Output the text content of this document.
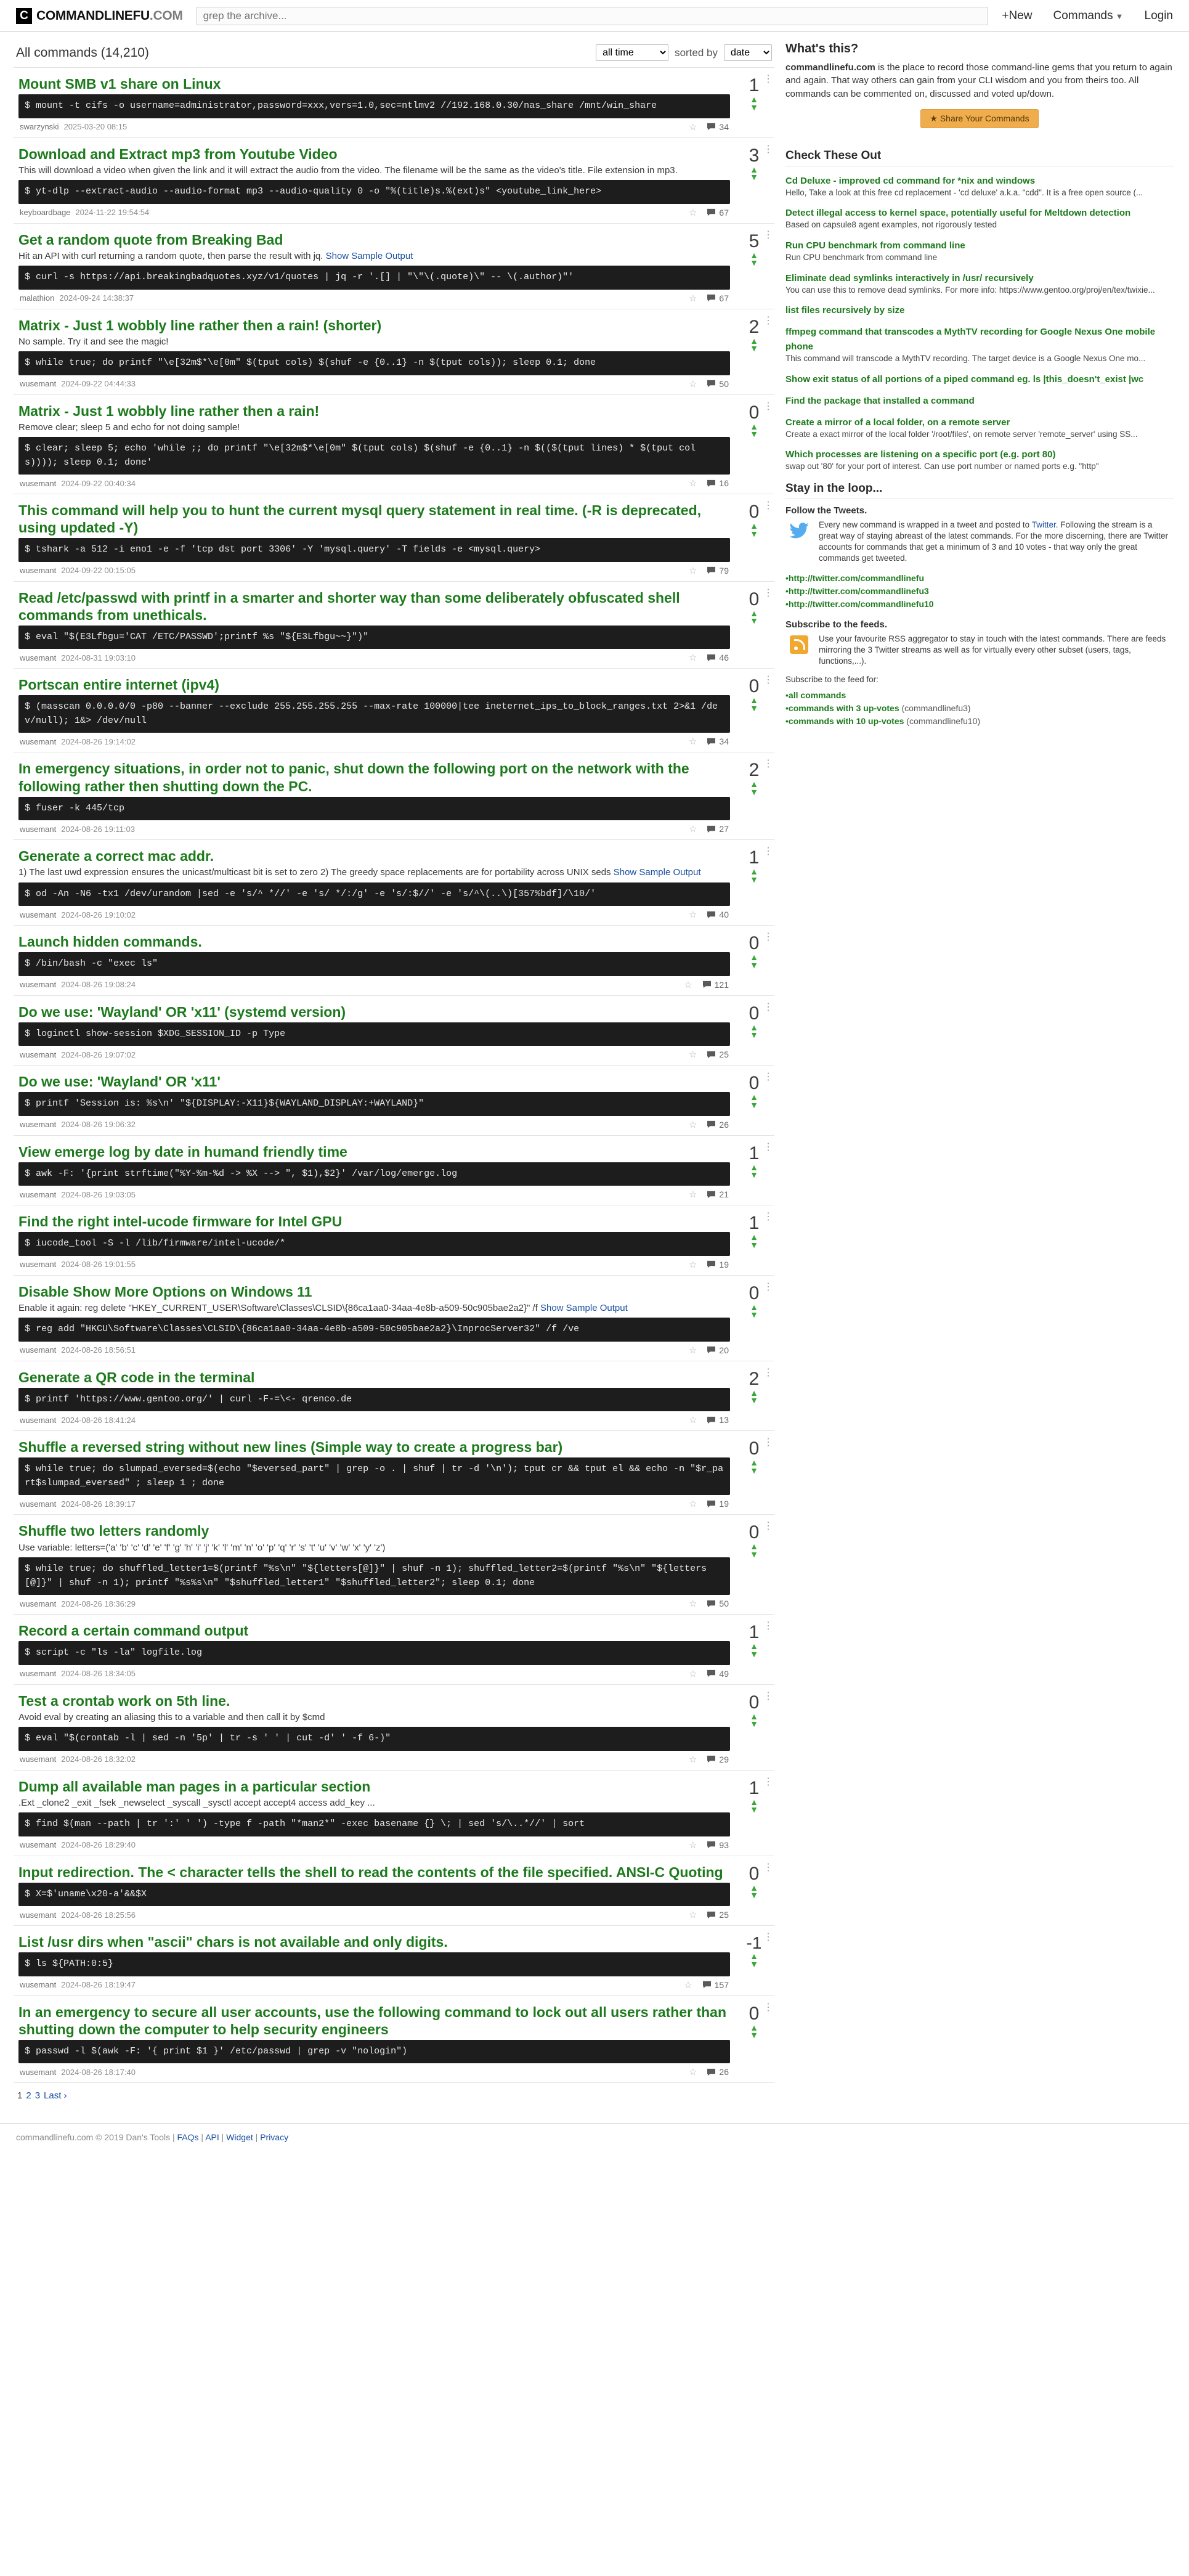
C COMMANDLINEFU.COM
grep the archive...	+New Commands ▼ Login
All commands (14,210)
all time	sorted by
date
⋮
Mount SMB v1 share on Linux
$ mount -t cifs -o username=administrator,password=xxx,vers=1.0,sec=ntlmv2 //192.168.0.30/nas_share /mnt/win_share
swarzynski 2025-03-20 08:15	☆	34
1
▲
▼
⋮
Download and Extract mp3 from Youtube Video
This will download a video when given the link and it will extract the audio from the video. The filename will be the same as the video's title. File extension in mp3.
$ yt-dlp --extract-audio --audio-format mp3 --audio-quality 0 -o "%(title)s.%(ext)s" <youtube_link_here>
keyboardbage 2024-11-22 19:54:54	☆	67
3
▲
▼
⋮
Get a random quote from Breaking Bad
Hit an API with curl returning a random quote, then parse the result with jq. Show Sample Output
$ curl -s https://api.breakingbadquotes.xyz/v1/quotes | jq -r '.[] | "\"\(.quote)\" -- \(.author)"'
malathion 2024-09-24 14:38:37	☆	67
5
▲
▼
⋮
Matrix - Just 1 wobbly line rather then a rain! (shorter)
No sample. Try it and see the magic!
$ while true; do printf "\e[32m$*\e[0m" $(tput cols) $(shuf -e {0..1} -n $(tput cols)); sleep 0.1; done
wusemant 2024-09-22 04:44:33	☆	50
2
▲
▼
⋮
Matrix - Just 1 wobbly line rather then a rain!
Remove clear; sleep 5 and echo for not doing sample!
$ clear; sleep 5; echo 'while ;; do printf "\e[32m$*\e[0m" $(tput cols) $(shuf -e {0..1} -n $(($(tput lines) * $(tput cols)))); sleep 0.1; done'
wusemant 2024-09-22 00:40:34	☆	16
0
▲
▼
⋮
This command will help you to hunt the current mysql query statement in real time. (-R is deprecated, using updated -Y)
$ tshark -a 512 -i eno1 -e -f 'tcp dst port 3306' -Y 'mysql.query' -T fields -e <mysql.query>
wusemant 2024-09-22 00:15:05	☆	79
0
▲
▼
⋮
Read /etc/passwd with printf in a smarter and shorter way than some deliberately obfuscated shell commands from unethicals.
$ eval "$(E3Lfbgu='CAT /ETC/PASSWD';printf %s "${E3Lfbgu~~}")"
wusemant 2024-08-31 19:03:10	☆	46
0
▲
▼
⋮
Portscan entire internet (ipv4)
$ (masscan 0.0.0.0/0 -p80 --banner --exclude 255.255.255.255 --max-rate 100000|tee ineternet_ips_to_block_ranges.txt 2>&1 /dev/null); 1&> /dev/null
wusemant 2024-08-26 19:14:02	☆	34
0
▲
▼
⋮
In emergency situations, in order not to panic, shut down the following port on the network with the following rather then shutting down the PC.
$ fuser -k 445/tcp
wusemant 2024-08-26 19:11:03	☆	27
2
▲
▼
⋮
Generate a correct mac addr.
1) The last uwd expression ensures the unicast/multicast bit is set to zero 2) The greedy space replacements are for portability across UNIX seds Show Sample Output
$ od -An -N6 -tx1 /dev/urandom |sed -e 's/^ *//' -e 's/ */:/g' -e 's/:$//' -e 's/^\(..\)[357%bdf]/\10/'
wusemant 2024-08-26 19:10:02	☆	40
1
▲
▼
⋮
Launch hidden commands.
$ /bin/bash -c "exec ls"
wusemant 2024-08-26 19:08:24	☆	121
0
▲
▼
⋮
Do we use: 'Wayland' OR 'x11' (systemd version)
$ loginctl show-session $XDG_SESSION_ID -p Type
wusemant 2024-08-26 19:07:02	☆	25
0
▲
▼
⋮
Do we use: 'Wayland' OR 'x11'
$ printf 'Session is: %s\n' "${DISPLAY:-X11}${WAYLAND_DISPLAY:+WAYLAND}"
wusemant 2024-08-26 19:06:32	☆	26
0
▲
▼
⋮
View emerge log by date in humand friendly time
$ awk -F: '{print strftime("%Y-%m-%d -> %X --> ", $1),$2}' /var/log/emerge.log
wusemant 2024-08-26 19:03:05	☆	21
1
▲
▼
⋮
Find the right intel-ucode firmware for Intel GPU
$ iucode_tool -S -l /lib/firmware/intel-ucode/*
wusemant 2024-08-26 19:01:55	☆	19
1
▲
▼
⋮
Disable Show More Options on Windows 11
Enable it again: reg delete "HKEY_CURRENT_USER\Software\Classes\CLSID\{86ca1aa0-34aa-4e8b-a509-50c905bae2a2}" /f Show Sample Output
$ reg add "HKCU\Software\Classes\CLSID\{86ca1aa0-34aa-4e8b-a509-50c905bae2a2}\InprocServer32" /f /ve
wusemant 2024-08-26 18:56:51	☆	20
0
▲
▼
⋮
Generate a QR code in the terminal
$ printf 'https://www.gentoo.org/' | curl -F-=\<- qrenco.de
wusemant 2024-08-26 18:41:24	☆	13
2
▲
▼
⋮
Shuffle a reversed string without new lines (Simple way to create a progress bar)
$ while true; do slumpad_eversed=$(echo "$eversed_part" | grep -o . | shuf | tr -d '\n'); tput cr && tput el && echo -n "$r_part$slumpad_eversed" ; sleep 1 ; done
wusemant 2024-08-26 18:39:17	☆	19
0
▲
▼
⋮
Shuffle two letters randomly
Use variable: letters=('a' 'b' 'c' 'd' 'e' 'f' 'g' 'h' 'i' 'j' 'k' 'l' 'm' 'n' 'o' 'p' 'q' 'r' 's' 't' 'u' 'v' 'w' 'x' 'y' 'z')
$ while true; do shuffled_letter1=$(printf "%s\n" "${letters[@]}" | shuf -n 1); shuffled_letter2=$(printf "%s\n" "${letters[@]}" | shuf -n 1); printf "%s%s\n" "$shuffled_letter1" "$shuffled_letter2"; sleep 0.1; done
wusemant 2024-08-26 18:36:29	☆	50
0
▲
▼
⋮
Record a certain command output
$ script -c "ls -la" logfile.log
wusemant 2024-08-26 18:34:05	☆	49
1
▲
▼
⋮
Test a crontab work on 5th line.
Avoid eval by creating an aliasing this to a variable and then call it by $cmd
$ eval "$(crontab -l | sed -n '5p' | tr -s ' ' | cut -d' ' -f 6-)"
wusemant 2024-08-26 18:32:02	☆	29
0
▲
▼
⋮
Dump all available man pages in a particular section
.Ext _clone2 _exit _fsek _newselect _syscall _sysctl accept accept4 access add_key ...
$ find $(man --path | tr ':' ' ') -type f -path "*man2*" -exec basename {} \; | sed 's/\..*//' | sort
wusemant 2024-08-26 18:29:40	☆	93
1
▲
▼
⋮
Input redirection. The < character tells the shell to read the contents of the file specified. ANSI-C Quoting
$ X=$'uname\x20-a'&&$X
wusemant 2024-08-26 18:25:56	☆	25
0
▲
▼
⋮
List /usr dirs when "ascii" chars is not available and only digits.
$ ls ${PATH:0:5}
wusemant 2024-08-26 18:19:47	☆	157
-1
▲
▼
⋮
In an emergency to secure all user accounts, use the following command to lock out all users rather than shutting down the computer to help security engineers
$ passwd -l $(awk -F: '{ print $1 }' /etc/passwd | grep -v "nologin")
wusemant 2024-08-26 18:17:40	☆	26
0
▲
▼
1 2 3 Last ›
What's this?
commandlinefu.com is the place to record those command-line gems that you return to again and again. That way others can gain from your CLI wisdom and you from theirs too. All commands can be commented on, discussed and voted up/down.
★ Share Your Commands
Check These Out
Cd Deluxe - improved cd command for *nix and windows
Hello, Take a look at this free cd replacement - 'cd deluxe' a.k.a. "cdd". It is a free open source (...
Detect illegal access to kernel space, potentially useful for Meltdown detection
Based on capsule8 agent examples, not rigorously tested
Run CPU benchmark from command line
Run CPU benchmark from command line
Eliminate dead symlinks interactively in /usr/ recursively
You can use this to remove dead symlinks. For more info: https://www.gentoo.org/proj/en/tex/twixie...
list files recursively by size
ffmpeg command that transcodes a MythTV recording for Google Nexus One mobile phone
This command will transcode a MythTV recording. The target device is a Google Nexus One mo...
Show exit status of all portions of a piped command eg. ls |this_doesn't_exist |wc
Find the package that installed a command
Create a mirror of a local folder, on a remote server
Create a exact mirror of the local folder '/root/files', on remote server 'remote_server' using SS...
Which processes are listening on a specific port (e.g. port 80)
swap out '80' for your port of interest. Can use port number or named ports e.g. "http"
Stay in the loop...
Follow the Tweets.
Every new command is wrapped in a tweet and posted to Twitter. Following the stream is a great way of staying abreast of the latest commands. For the more discerning, there are Twitter accounts for commands that get a minimum of 3 and 10 votes - that way only the great commands get tweeted.
• http://twitter.com/commandlinefu
• http://twitter.com/commandlinefu3
• http://twitter.com/commandlinefu10
Subscribe to the feeds.
Use your favourite RSS aggregator to stay in touch with the latest commands. There are feeds mirroring the 3 Twitter streams as well as for virtually every other subset (users, tags, functions,...).
Subscribe to the feed for:
• all commands
• commands with 3 up-votes (commandlinefu3)
• commands with 10 up-votes (commandlinefu10)
commandlinefu.com © 2019 Dan's Tools | FAQs | API | Widget | Privacy
